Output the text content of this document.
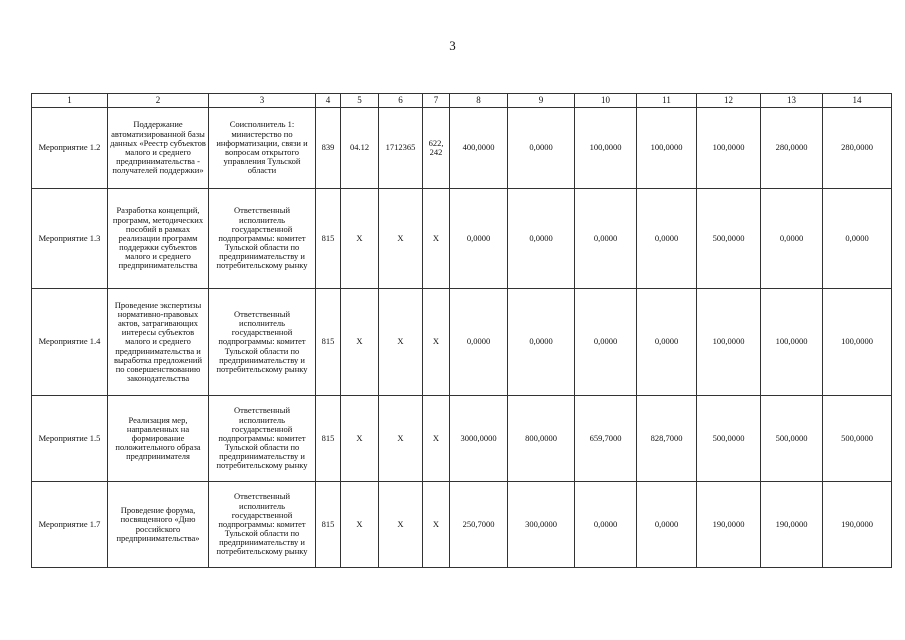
3
1	2	3	4	5	6	7	8	9	10	11	12	13	14
Мероприятие 1.2	Поддержание автоматизированной базы данных «Реестр субъектов малого и среднего предпринимательства - получателей поддержки»	Соисполнитель 1: министерство по информатизации, связи и вопросам открытого управления Тульской области	839	04.12	1712365	622, 242	400,0000	0,0000	100,0000	100,0000	100,0000	280,0000	280,0000
Мероприятие 1.3	Разработка концепций, программ, методических пособий в рамках реализации программ поддержки субъектов малого и среднего предпринимательства	Ответственный исполнитель государственной подпрограммы: комитет Тульской области по предпринимательству и потребительскому рынку	815	X	X	X	0,0000	0,0000	0,0000	0,0000	500,0000	0,0000	0,0000
Мероприятие 1.4	Проведение экспертизы нормативно-правовых актов, затрагивающих интересы субъектов малого и среднего предпринимательства и выработка предложений по совершенствованию законодательства	Ответственный исполнитель государственной подпрограммы: комитет Тульской области по предпринимательству и потребительскому рынку	815	X	X	X	0,0000	0,0000	0,0000	0,0000	100,0000	100,0000	100,0000
Мероприятие 1.5	Реализация мер, направленных на формирование положительного образа предпринимателя	Ответственный исполнитель государственной подпрограммы: комитет Тульской области по предпринимательству и потребительскому рынку	815	X	X	X	3000,0000	800,0000	659,7000	828,7000	500,0000	500,0000	500,0000
Мероприятие 1.7	Проведение форума, посвященного «Дню российского предпринимательства»	Ответственный исполнитель государственной подпрограммы: комитет Тульской области по предпринимательству и потребительскому рынку	815	X	X	X	250,7000	300,0000	0,0000	0,0000	190,0000	190,0000	190,0000
